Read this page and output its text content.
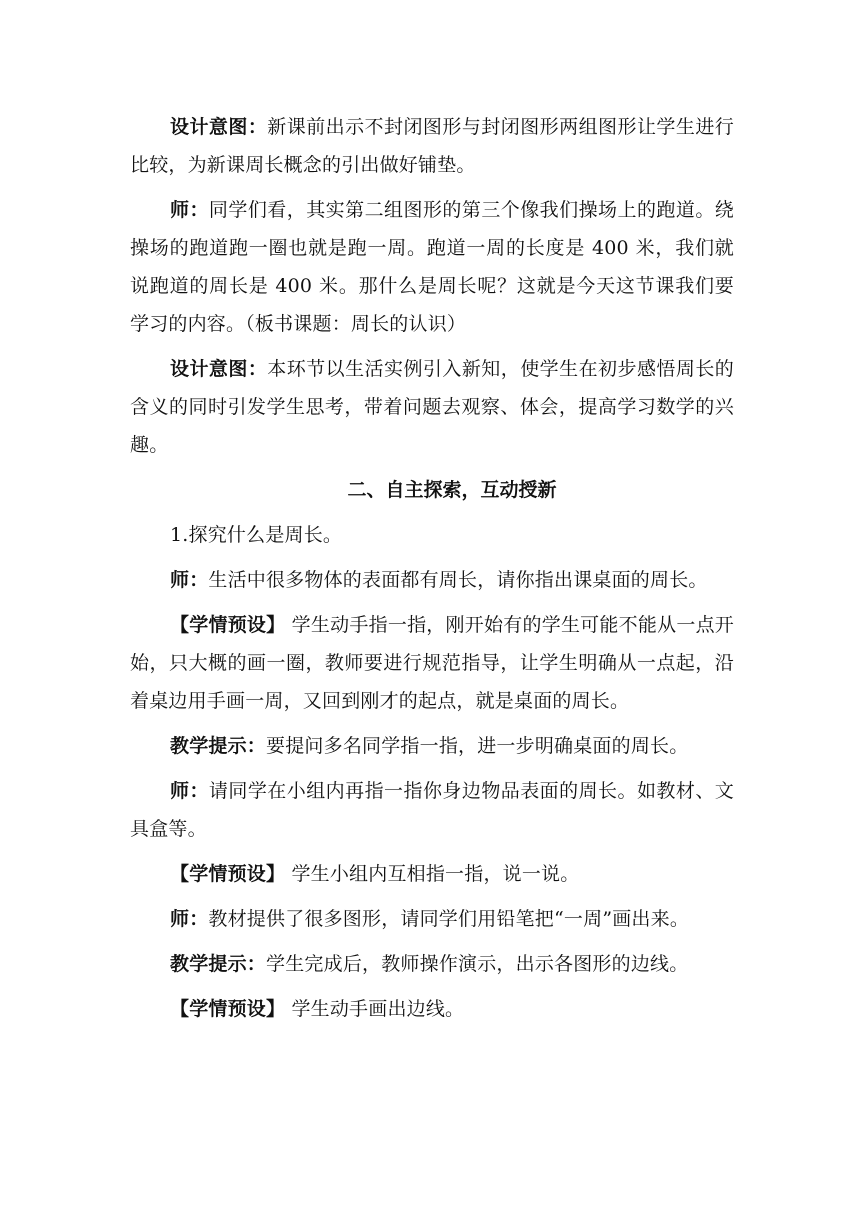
设计意图：新课前出示不封闭图形与封闭图形两组图形让学生进行比较，为新课周长概念的引出做好铺垫。

师：同学们看，其实第二组图形的第三个像我们操场上的跑道。绕操场的跑道跑一圈也就是跑一周。跑道一周的长度是 400 米，我们就说跑道的周长是 400 米。那什么是周长呢？这就是今天这节课我们要学习的内容。（板书课题：周长的认识）

设计意图：本环节以生活实例引入新知，使学生在初步感悟周长的含义的同时引发学生思考，带着问题去观察、体会，提高学习数学的兴趣。

二、自主探索，互动授新

1.探究什么是周长。

师：生活中很多物体的表面都有周长，请你指出课桌面的周长。

【学情预设】 学生动手指一指，刚开始有的学生可能不能从一点开始，只大概的画一圈，教师要进行规范指导，让学生明确从一点起，沿着桌边用手画一周，又回到刚才的起点，就是桌面的周长。

教学提示：要提问多名同学指一指，进一步明确桌面的周长。

师：请同学在小组内再指一指你身边物品表面的周长。如教材、文具盒等。

【学情预设】 学生小组内互相指一指，说一说。

师：教材提供了很多图形，请同学们用铅笔把“一周”画出来。

教学提示：学生完成后，教师操作演示，出示各图形的边线。

【学情预设】 学生动手画出边线。
